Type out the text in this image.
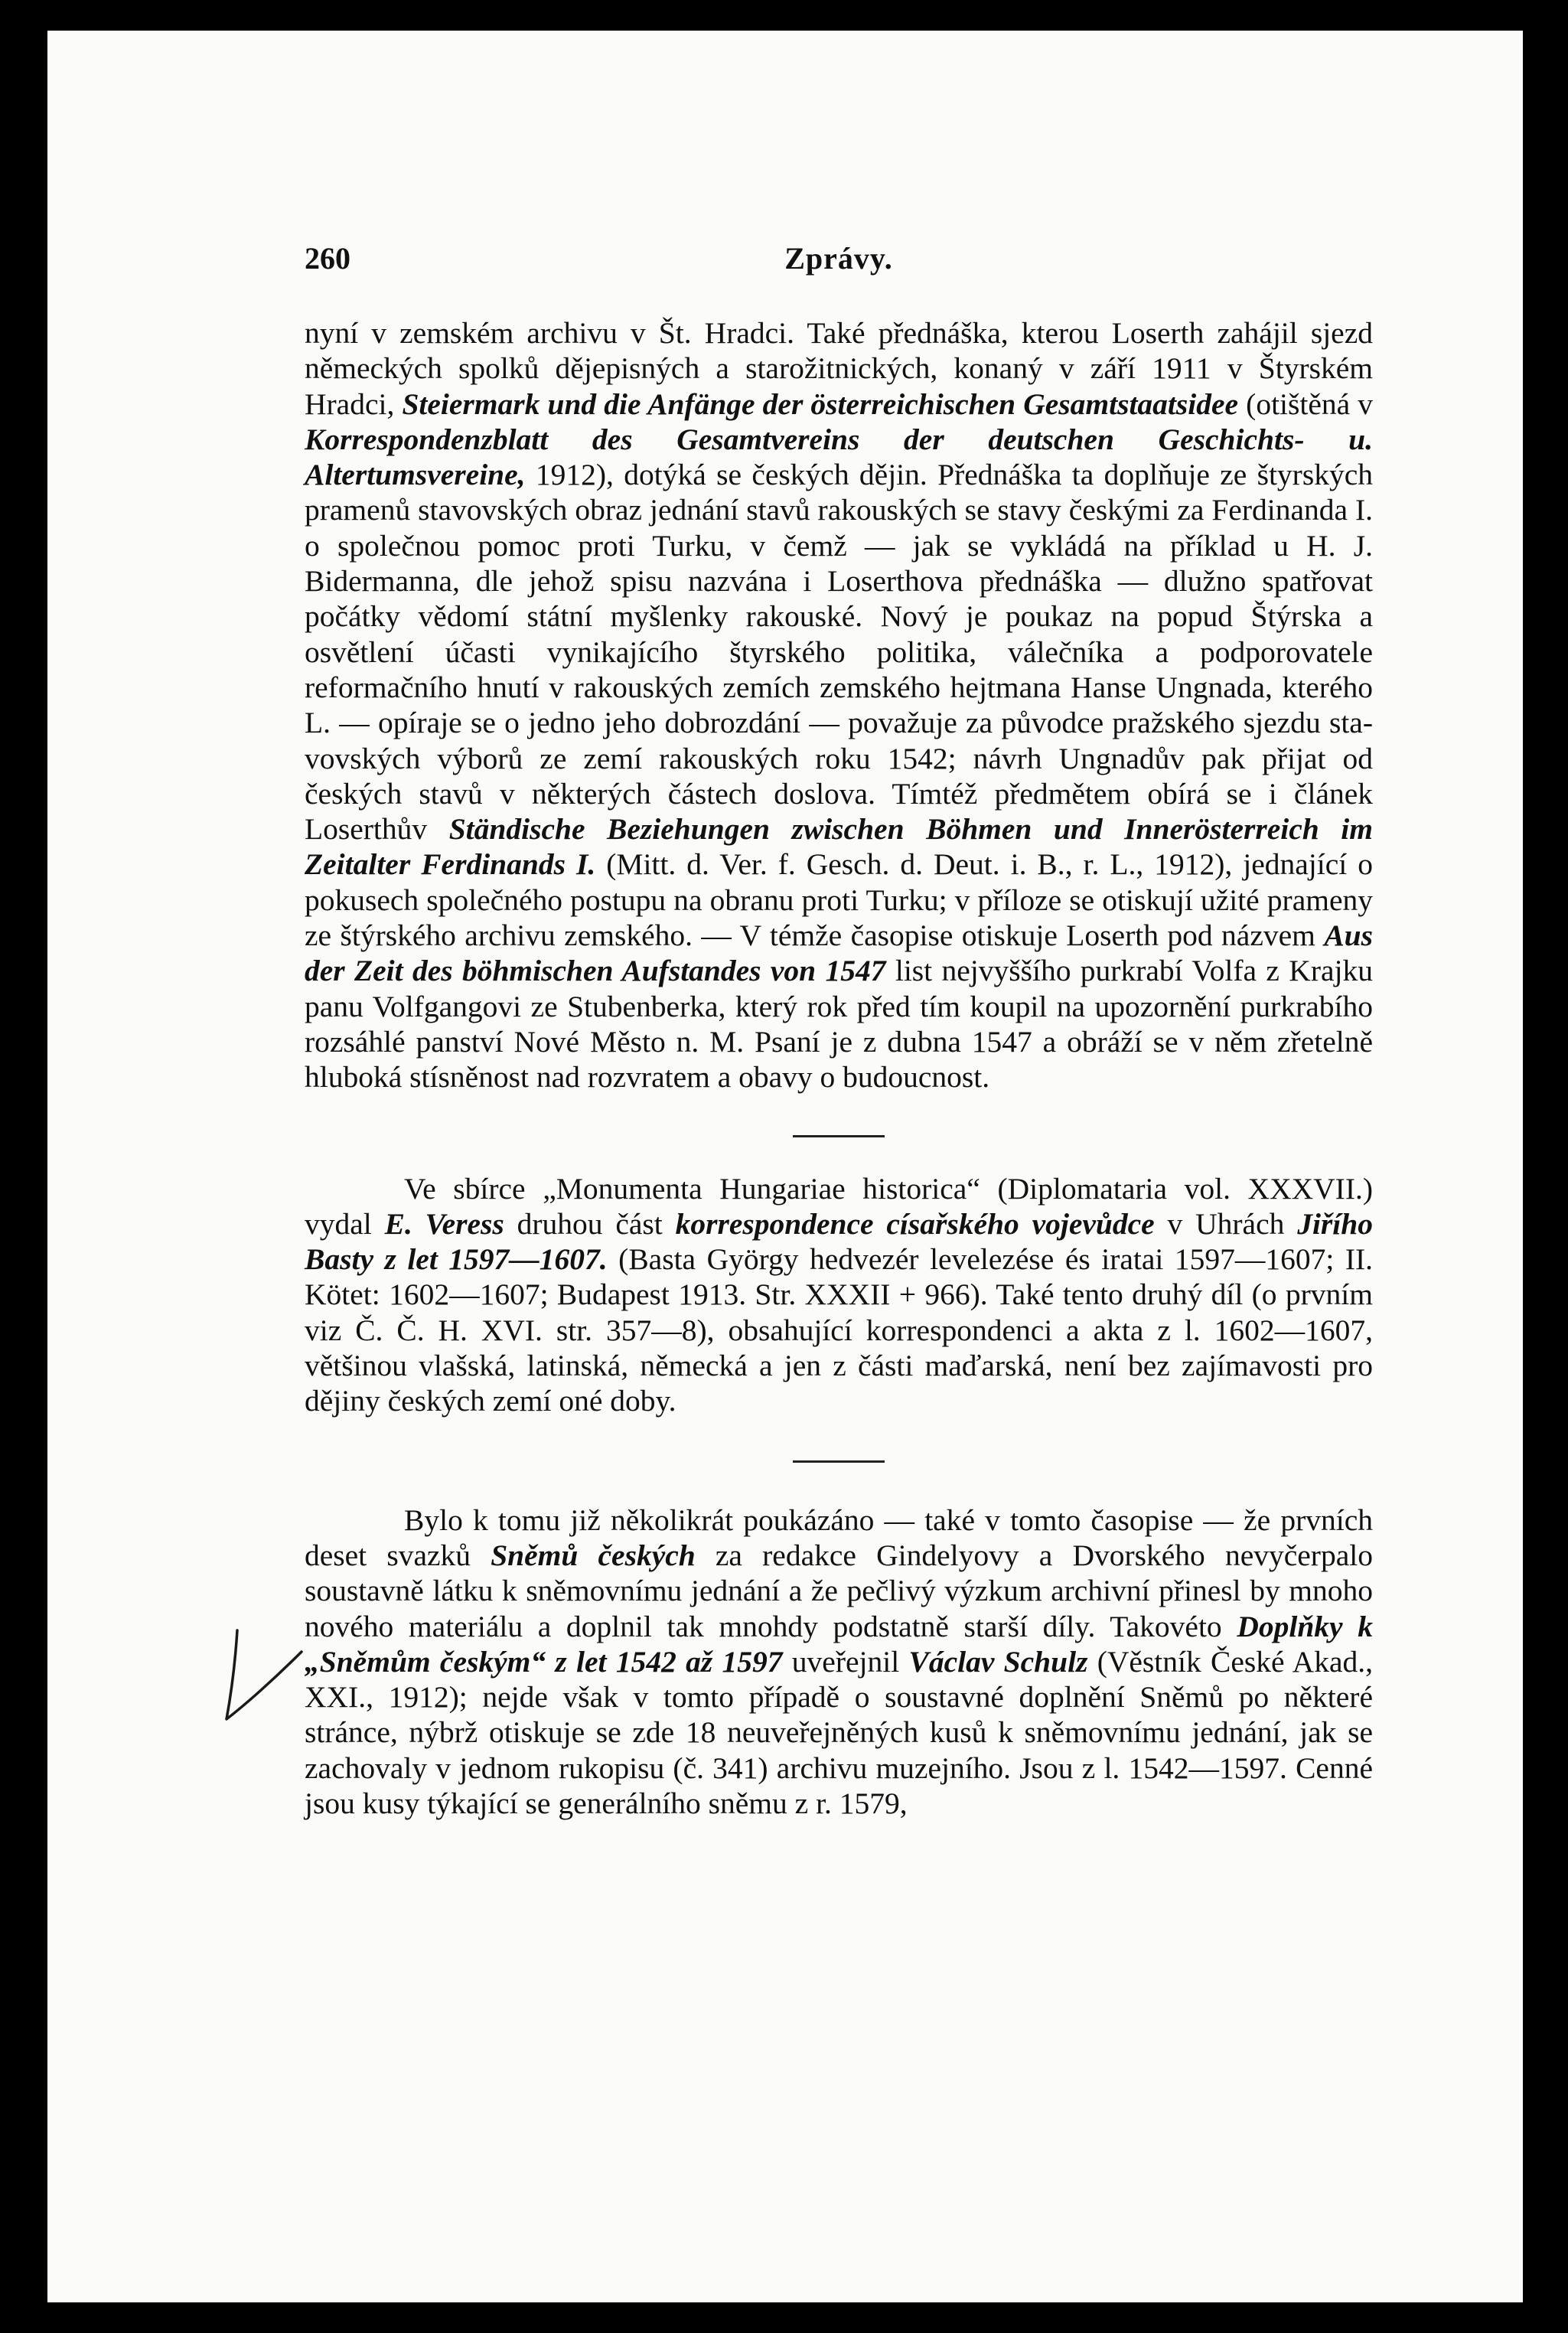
260	Zprávy.

nyní v zemském archivu v Št. Hradci. Také přednáška, kterou Loserth zahájil sjezd německých spolků dějepisných a starožitnických, konaný v září 1911 v Štyrském Hradci, Steiermark und die Anfänge der österreichischen Gesamtstaatsidee (otištěná v Korrespondenzblatt des Gesamtvereins der deutschen Geschichts- u. Altertumsvereine, 1912), dotýká se českých dějin. Přednáška ta doplňuje ze štyrských pramenů stavovských obraz jednání stavů rakouských se stavy českými za Ferdinanda I. o společnou pomoc proti Turku, v čemž — jak se vykládá na příklad u H. J. Bidermanna, dle jehož spisu nazvána i Loserthova přednáška — dlužno spatřovat počátky vědomí státní myšlenky rakouské. Nový je poukaz na popud Štýrska a osvětlení účasti vynikajícího štyrského politika, válečníka a podporovatele reformačního hnutí v rakouských zemích zemského hejtmana Hanse Ungnada, kterého L. — opíraje se o jedno jeho dobrozdání — považuje za původce pražského sjezdu stavovských výborů ze zemí rakouských roku 1542; návrh Ungnadův pak přijat od českých stavů v některých částech doslova. Tímtéž předmětem obírá se i článek Loserthův Ständische Beziehungen zwischen Böhmen und Innerösterreich im Zeitalter Ferdinands I. (Mitt. d. Ver. f. Gesch. d. Deut. i. B., r. L., 1912), jednající o pokusech společného postupu na obranu proti Turku; v příloze se otiskují užité prameny ze štýrského archivu zemského. — V témže časopise otiskuje Loserth pod názvem Aus der Zeit des böhmischen Aufstandes von 1547 list nejvyššího purkrabí Volfa z Krajku panu Volfgangovi ze Stubenberka, který rok před tím koupil na upozornění purkrabího rozsáhlé panství Nové Město n. M. Psaní je z dubna 1547 a obráží se v něm zřetelně hluboká stísněnost nad rozvratem a obavy o budoucnost.

Ve sbírce „Monumenta Hungariae historica“ (Diplomataria vol. XXXVII.) vydal E. Veress druhou část korrespondence císařského vojevůdce v Uhrách Jiřího Basty z let 1597—1607. (Basta György hedvezér levelezése és iratai 1597—1607; II. Kötet: 1602—1607; Budapest 1913. Str. XXXII + 966). Také tento druhý díl (o prvním viz Č. Č. H. XVI. str. 357—8), obsahující korrespondenci a akta z l. 1602—1607, většinou vlašská, latinská, německá a jen z části maďarská, není bez zajímavosti pro dějiny českých zemí oné doby.

Bylo k tomu již několikrát poukázáno — také v tomto časopise — že prvních deset svazků Sněmů českých za redakce Gindelyovy a Dvorského nevyčerpalo soustavně látku k sněmovnímu jednání a že pečlivý výzkum archivní přinesl by mnoho nového materiálu a doplnil tak mnohdy podstatně starší díly. Takovéto Doplňky k „Sněmům českým“ z let 1542 až 1597 uveřejnil Václav Schulz (Věstník České Akad., XXI., 1912); nejde však v tomto případě o soustavné doplnění Sněmů po některé stránce, nýbrž otiskuje se zde 18 neuveřejněných kusů k sněmovnímu jednání, jak se zachovaly v jednom rukopisu (č. 341) archivu muzejního. Jsou z l. 1542—1597. Cenné jsou kusy týkající se generálního sněmu z r. 1579,
